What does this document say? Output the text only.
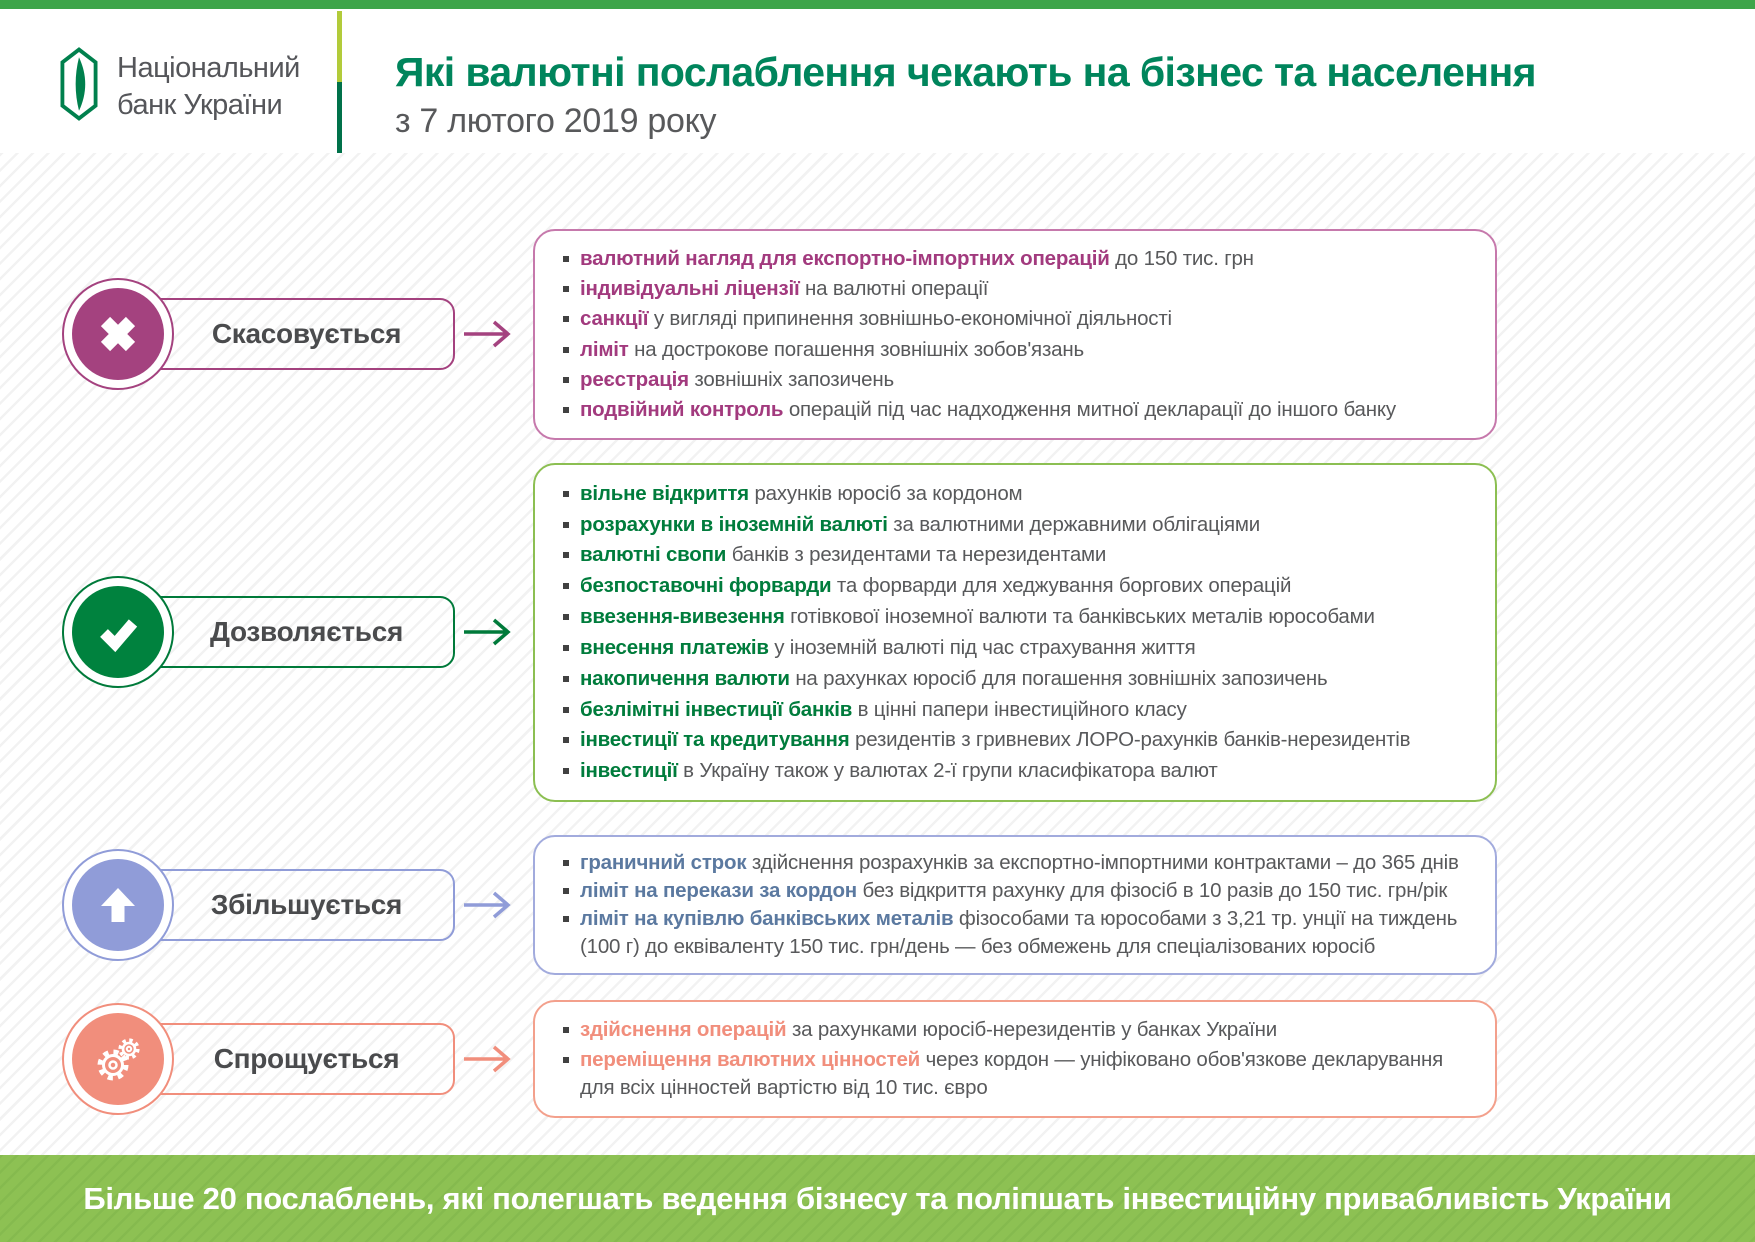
Національний
банк України
Які валютні послаблення чекають на бізнес та населення
з 7 лютого 2019 року
Скасовується
валютний нагляд для експортно-імпортних операцій до 150 тис. грн
індивідуальні ліцензії на валютні операції
санкції у вигляді припинення зовнішньо-економічної діяльності
ліміт на дострокове погашення зовнішніх зобов'язань
реєстрація зовнішніх запозичень
подвійний контроль операцій під час надходження митної декларації до іншого банку
Дозволяється
вільне відкриття рахунків юросіб за кордоном
розрахунки в іноземній валюті за валютними державними облігаціями
валютні свопи банків з резидентами та нерезидентами
безпоставочні форварди та форварди для хеджування боргових операцій
ввезення-вивезення готівкової іноземної валюти та банківських металів юрособами
внесення платежів у іноземній валюті під час страхування життя
накопичення валюти на рахунках юросіб для погашення зовнішніх запозичень
безлімітні інвестиції банків в цінні папери інвестиційного класу
інвестиції та кредитування резидентів з гривневих ЛОРО-рахунків банків-нерезидентів
інвестиції в Україну також у валютах 2-ї групи класифікатора валют
Збільшується
граничний строк здійснення розрахунків за експортно-імпортними контрактами – до 365 днів
ліміт на перекази за кордон без відкриття рахунку для фізосіб в 10 разів до 150 тис. грн/рік
ліміт на купівлю банківських металів фізособами та юрособами з 3,21 тр. унції на тиждень (100 г) до еквіваленту 150 тис. грн/день — без обмежень для спеціалізованих юросіб
Спрощується
здійснення операцій за рахунками юросіб-нерезидентів у банках України
переміщення валютних цінностей через кордон — уніфіковано обов'язкове декларування для всіх цінностей вартістю від 10 тис. євро
Більше 20 послаблень, які полегшать ведення бізнесу та поліпшать інвестиційну привабливість України
